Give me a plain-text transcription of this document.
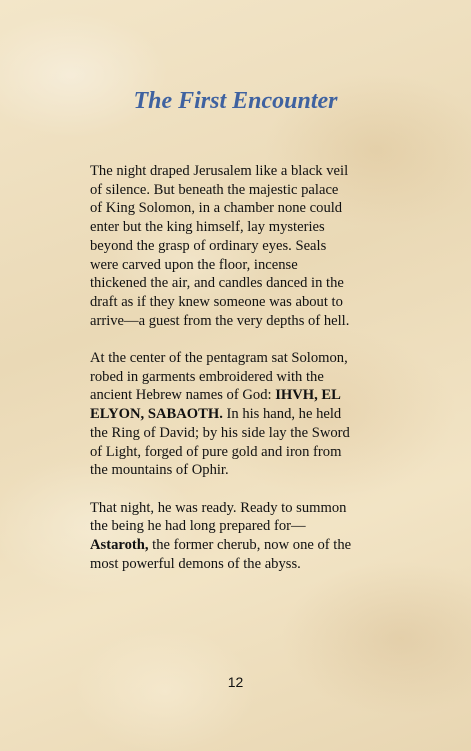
The First Encounter

The night draped Jerusalem like a black veil
of silence. But beneath the majestic palace
of King Solomon, in a chamber none could
enter but the king himself, lay mysteries
beyond the grasp of ordinary eyes. Seals
were carved upon the floor, incense
thickened the air, and candles danced in the
draft as if they knew someone was about to
arrive—a guest from the very depths of hell.

At the center of the pentagram sat Solomon,
robed in garments embroidered with the
ancient Hebrew names of God: IHVH, EL
ELYON, SABAOTH. In his hand, he held
the Ring of David; by his side lay the Sword
of Light, forged of pure gold and iron from
the mountains of Ophir.

That night, he was ready. Ready to summon
the being he had long prepared for—
Astaroth, the former cherub, now one of the
most powerful demons of the abyss.

12
